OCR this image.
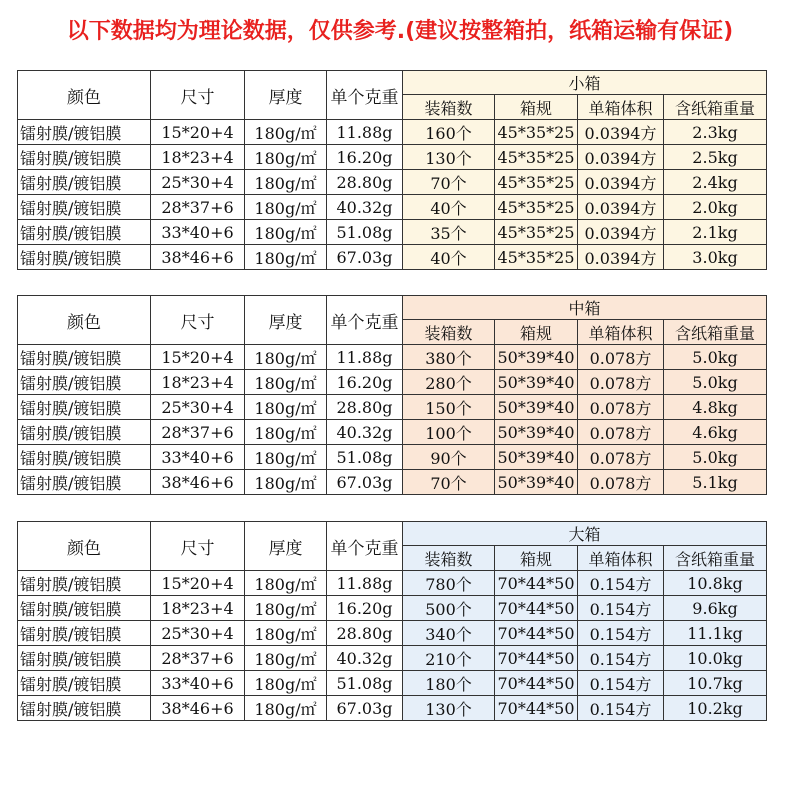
以下数据均为理论数据，仅供参考.(建议按整箱拍，纸箱运输有保证)
颜色	尺寸	厚度	单个克重	小箱			
				装箱数	箱规	单箱体积	含纸箱重量
镭射膜/镀铝膜	15*20+4	180g/㎡	11.88g	160个	45*35*25	0.0394方	2.3kg
镭射膜/镀铝膜	18*23+4	180g/㎡	16.20g	130个	45*35*25	0.0394方	2.5kg
镭射膜/镀铝膜	25*30+4	180g/㎡	28.80g	70个	45*35*25	0.0394方	2.4kg
镭射膜/镀铝膜	28*37+6	180g/㎡	40.32g	40个	45*35*25	0.0394方	2.0kg
镭射膜/镀铝膜	33*40+6	180g/㎡	51.08g	35个	45*35*25	0.0394方	2.1kg
镭射膜/镀铝膜	38*46+6	180g/㎡	67.03g	40个	45*35*25	0.0394方	3.0kg
颜色	尺寸	厚度	单个克重	中箱			
				装箱数	箱规	单箱体积	含纸箱重量
镭射膜/镀铝膜	15*20+4	180g/㎡	11.88g	380个	50*39*40	0.078方	5.0kg
镭射膜/镀铝膜	18*23+4	180g/㎡	16.20g	280个	50*39*40	0.078方	5.0kg
镭射膜/镀铝膜	25*30+4	180g/㎡	28.80g	150个	50*39*40	0.078方	4.8kg
镭射膜/镀铝膜	28*37+6	180g/㎡	40.32g	100个	50*39*40	0.078方	4.6kg
镭射膜/镀铝膜	33*40+6	180g/㎡	51.08g	90个	50*39*40	0.078方	5.0kg
镭射膜/镀铝膜	38*46+6	180g/㎡	67.03g	70个	50*39*40	0.078方	5.1kg
颜色	尺寸	厚度	单个克重	大箱			
				装箱数	箱规	单箱体积	含纸箱重量
镭射膜/镀铝膜	15*20+4	180g/㎡	11.88g	780个	70*44*50	0.154方	10.8kg
镭射膜/镀铝膜	18*23+4	180g/㎡	16.20g	500个	70*44*50	0.154方	9.6kg
镭射膜/镀铝膜	25*30+4	180g/㎡	28.80g	340个	70*44*50	0.154方	11.1kg
镭射膜/镀铝膜	28*37+6	180g/㎡	40.32g	210个	70*44*50	0.154方	10.0kg
镭射膜/镀铝膜	33*40+6	180g/㎡	51.08g	180个	70*44*50	0.154方	10.7kg
镭射膜/镀铝膜	38*46+6	180g/㎡	67.03g	130个	70*44*50	0.154方	10.2kg
